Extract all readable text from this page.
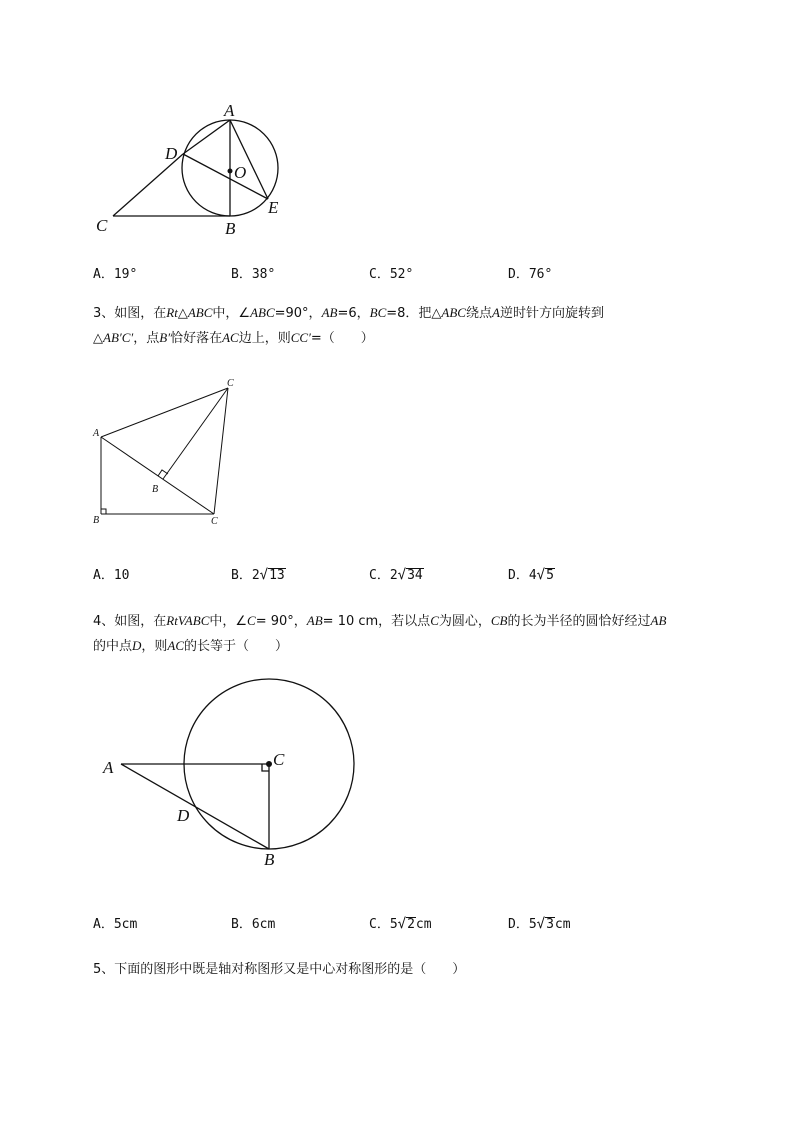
A
D
O
C	B
E
A．19°	B．38°	C．52°	D．76°
3、如图，在Rt△ABC中，∠ABC=90°，AB=6，BC=8．把△ABC绕点A逆时针方向旋转到
△AB′C′，点B′恰好落在AC边上，则CC′=（　　）
C
A
B
B	C
A．10	B．2√13	C．2√34	D．4√5
4、如图，在RtVABC中，∠C= 90°，AB= 10 cm，若以点C为圆心，CB的长为半径的圆恰好经过AB
的中点D，则AC的长等于（　　）
A	C
D
B
A．5cm	B．6cm	C．5√2cm	D．5√3cm
5、下面的图形中既是轴对称图形又是中心对称图形的是（　　）
